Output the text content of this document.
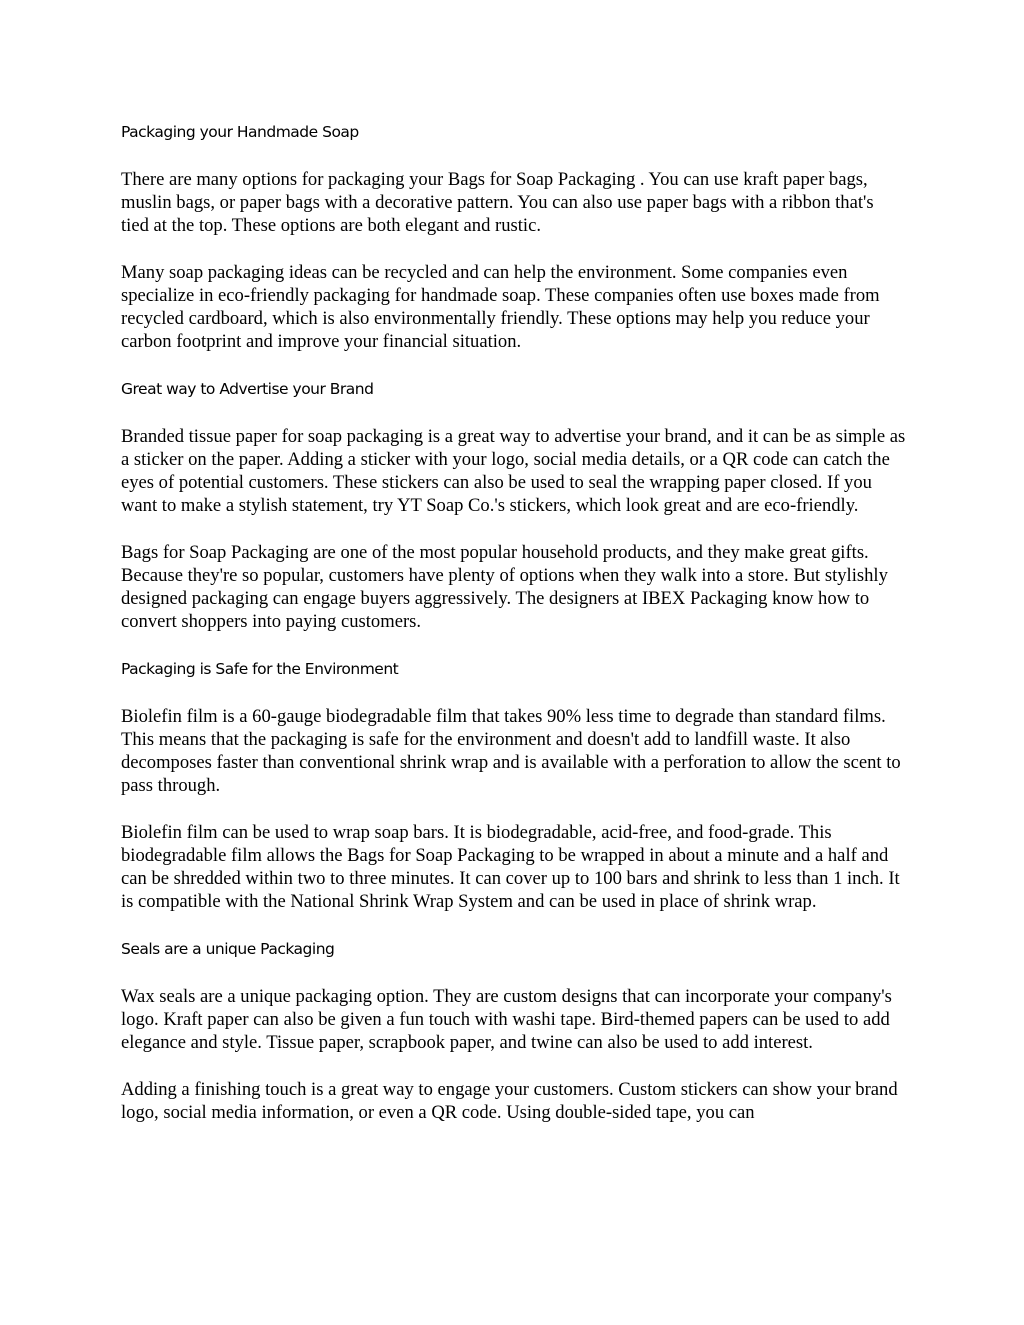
Packaging your Handmade Soap

There are many options for packaging your Bags for Soap Packaging . You can use kraft paper bags, muslin bags, or paper bags with a decorative pattern. You can also use paper bags with a ribbon that's tied at the top. These options are both elegant and rustic.

Many soap packaging ideas can be recycled and can help the environment. Some companies even specialize in eco-friendly packaging for handmade soap. These companies often use boxes made from recycled cardboard, which is also environmentally friendly. These options may help you reduce your carbon footprint and improve your financial situation.

Great way to Advertise your Brand

Branded tissue paper for soap packaging is a great way to advertise your brand, and it can be as simple as a sticker on the paper. Adding a sticker with your logo, social media details, or a QR code can catch the eyes of potential customers. These stickers can also be used to seal the wrapping paper closed. If you want to make a stylish statement, try YT Soap Co.'s stickers, which look great and are eco-friendly.

Bags for Soap Packaging are one of the most popular household products, and they make great gifts. Because they're so popular, customers have plenty of options when they walk into a store. But stylishly designed packaging can engage buyers aggressively. The designers at IBEX Packaging know how to convert shoppers into paying customers.

Packaging is Safe for the Environment

Biolefin film is a 60-gauge biodegradable film that takes 90% less time to degrade than standard films. This means that the packaging is safe for the environment and doesn't add to landfill waste. It also decomposes faster than conventional shrink wrap and is available with a perforation to allow the scent to pass through.

Biolefin film can be used to wrap soap bars. It is biodegradable, acid-free, and food-grade. This biodegradable film allows the Bags for Soap Packaging to be wrapped in about a minute and a half and can be shredded within two to three minutes. It can cover up to 100 bars and shrink to less than 1 inch. It is compatible with the National Shrink Wrap System and can be used in place of shrink wrap.

Seals are a unique Packaging

Wax seals are a unique packaging option. They are custom designs that can incorporate your company's logo. Kraft paper can also be given a fun touch with washi tape. Bird-themed papers can be used to add elegance and style. Tissue paper, scrapbook paper, and twine can also be used to add interest.

Adding a finishing touch is a great way to engage your customers. Custom stickers can show your brand logo, social media information, or even a QR code. Using double-sided tape, you can
